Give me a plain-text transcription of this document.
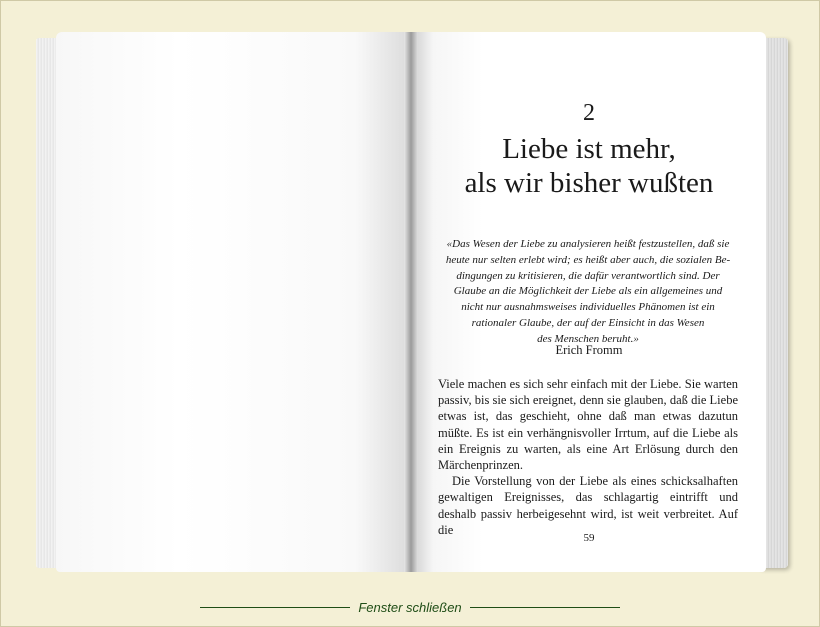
2
Liebe ist mehr,
als wir bisher wußten
«Das Wesen der Liebe zu analysieren heißt festzustellen, daß sie
heute nur selten erlebt wird; es heißt aber auch, die sozialen Be-
dingungen zu kritisieren, die dafür verantwortlich sind. Der
Glaube an die Möglichkeit der Liebe als ein allgemeines und
nicht nur ausnahmsweises individuelles Phänomen ist ein
rationaler Glaube, der auf der Einsicht in das Wesen
des Menschen beruht.»
Erich Fromm

Viele machen es sich sehr einfach mit der Liebe. Sie warten passiv, bis sie sich ereignet, denn sie glauben, daß die Liebe etwas ist, das geschieht, ohne daß man etwas dazutun müßte. Es ist ein verhängnisvoller Irrtum, auf die Liebe als ein Ereignis zu warten, als eine Art Erlösung durch den Märchenprinzen.

Die Vorstellung von der Liebe als eines schicksalhaften gewaltigen Ereignisses, das schlagartig eintrifft und deshalb passiv herbeigesehnt wird, ist weit verbreitet. Auf die

59
Fenster schließen
